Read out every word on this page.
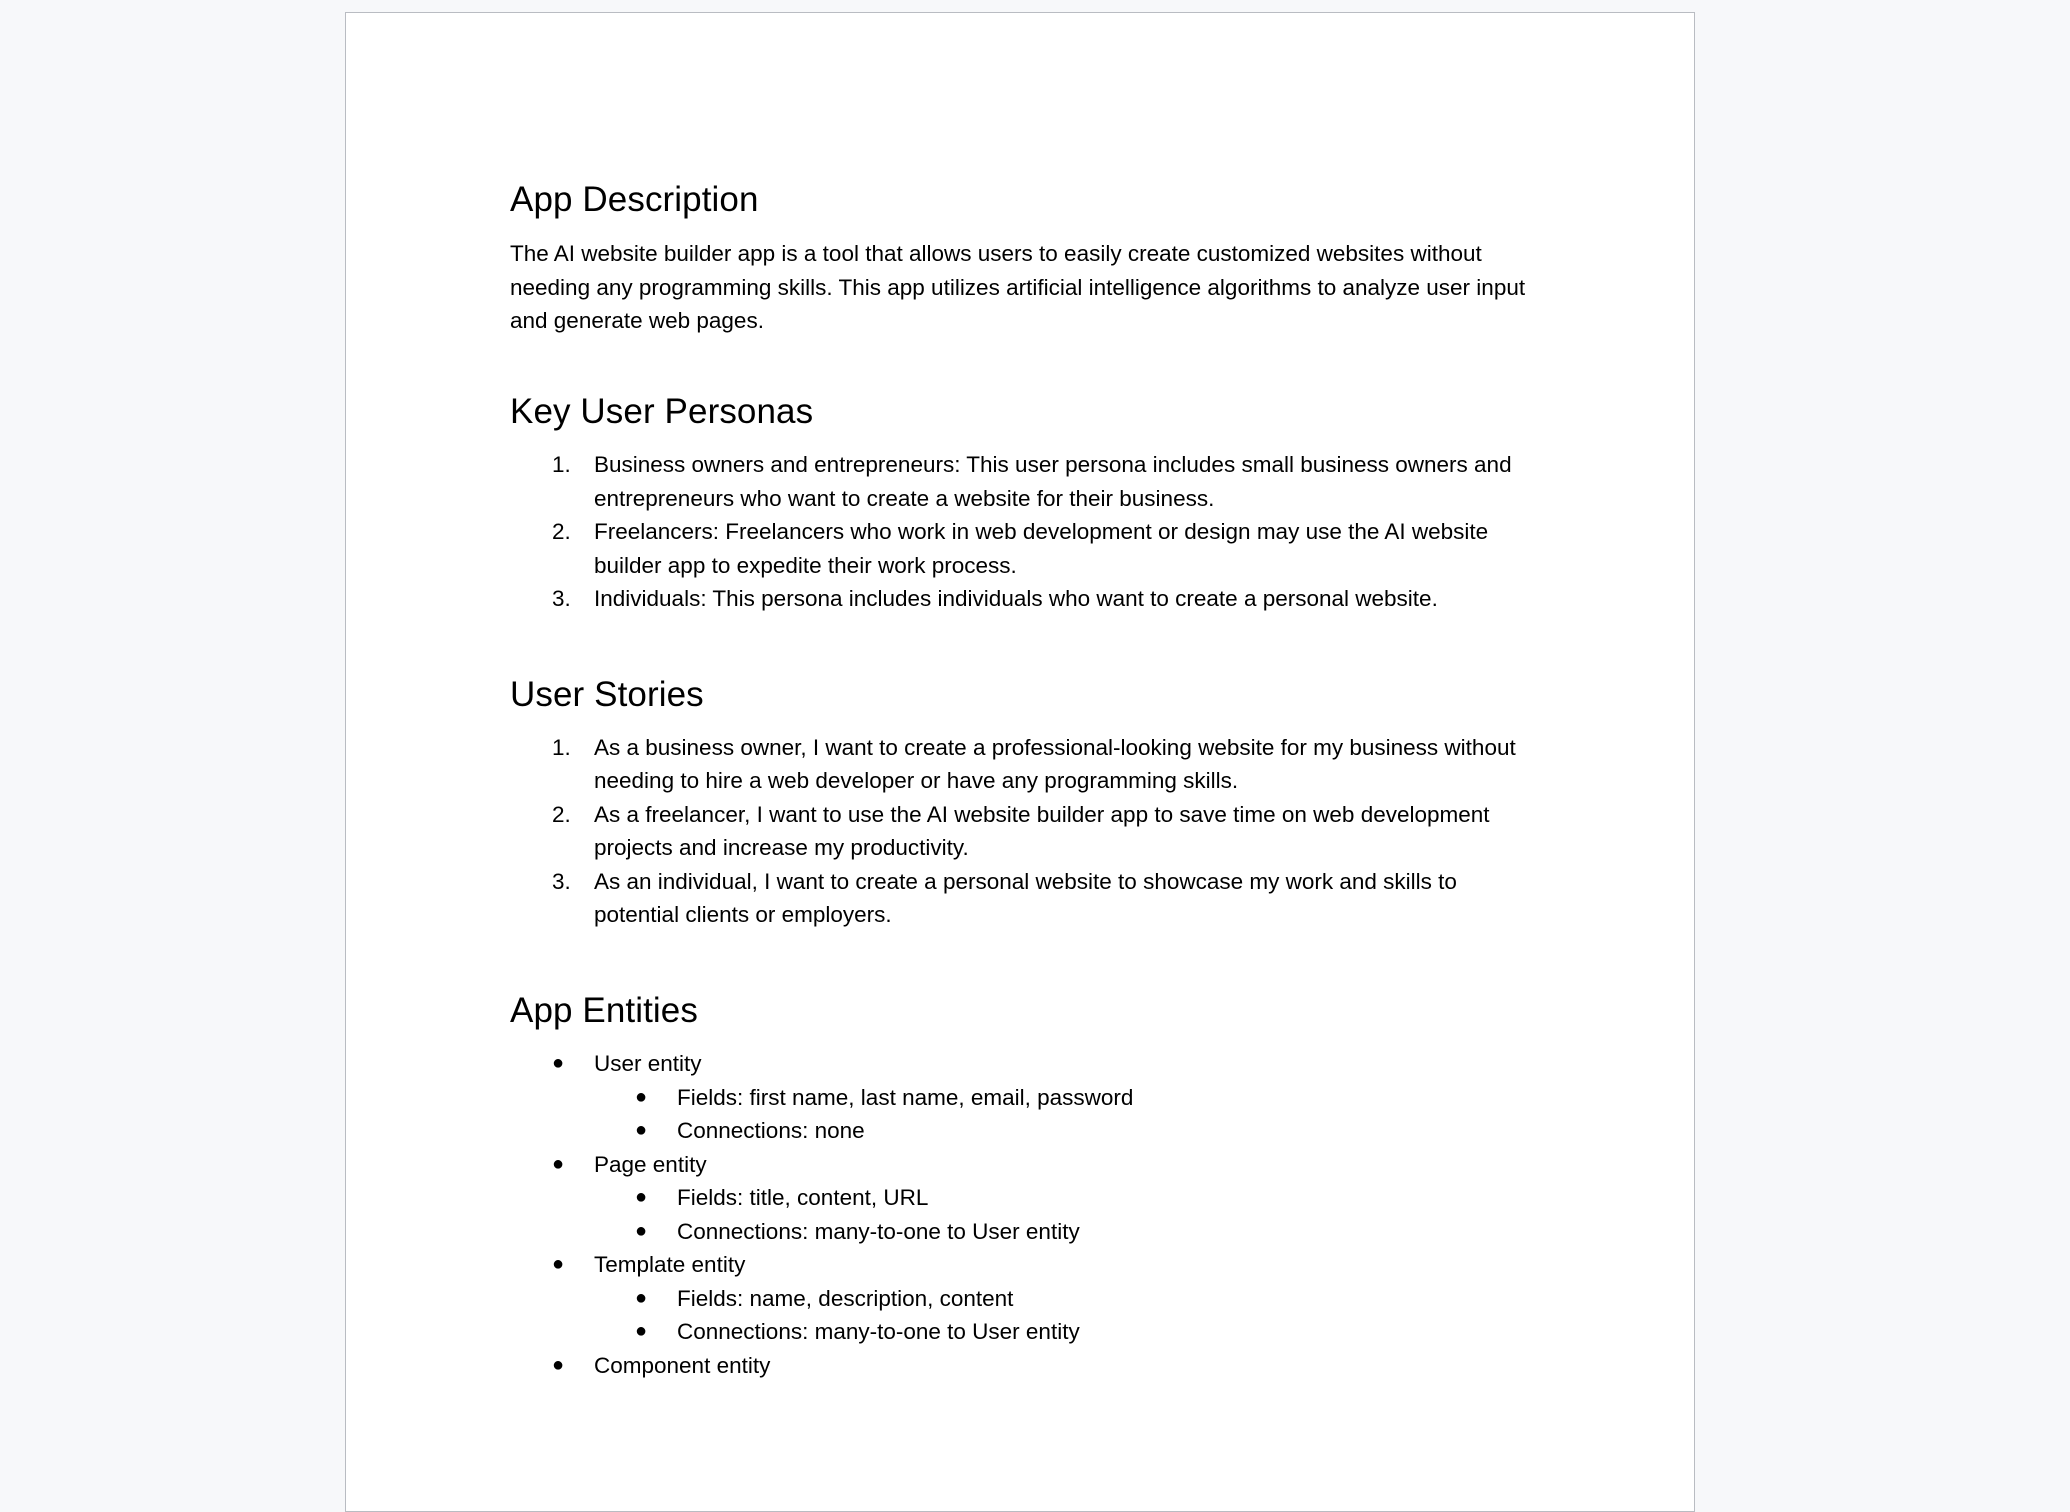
App Description

The AI website builder app is a tool that allows users to easily create customized websites without needing any programming skills. This app utilizes artificial intelligence algorithms to analyze user input and generate web pages.

Key User Personas
Business owners and entrepreneurs: This user persona includes small business owners and entrepreneurs who want to create a website for their business.
Freelancers: Freelancers who work in web development or design may use the AI website builder app to expedite their work process.
Individuals: This persona includes individuals who want to create a personal website.
User Stories
As a business owner, I want to create a professional-looking website for my business without needing to hire a web developer or have any programming skills.
As a freelancer, I want to use the AI website builder app to save time on web development projects and increase my productivity.
As an individual, I want to create a personal website to showcase my work and skills to potential clients or employers.
App Entities
● User entity
● Fields: first name, last name, email, password
● Connections: none
● Page entity
● Fields: title, content, URL
● Connections: many-to-one to User entity
● Template entity
● Fields: name, description, content
● Connections: many-to-one to User entity
● Component entity
